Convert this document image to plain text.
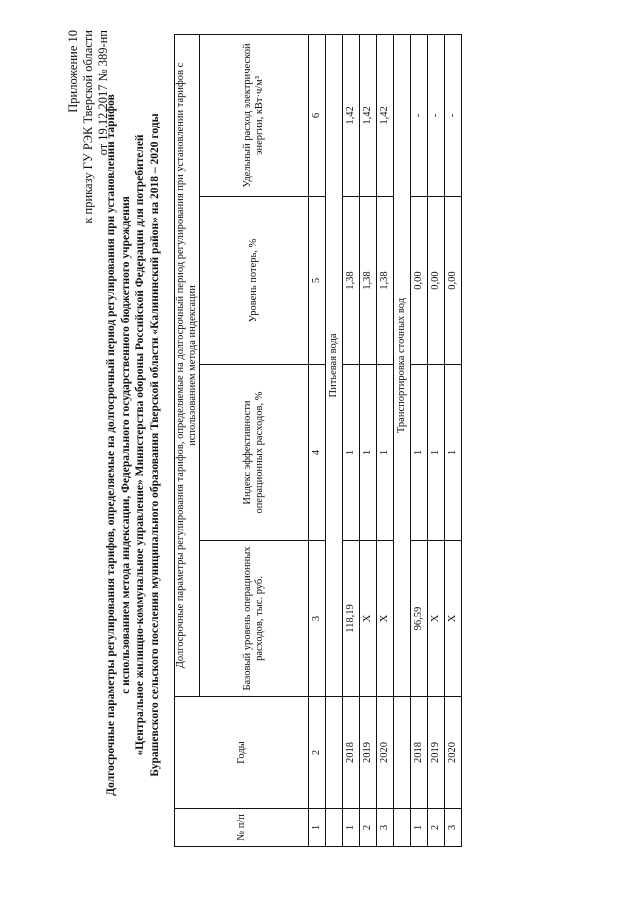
Приложение 10 к приказу ГУ РЭК Тверской области от 19.12.2017 № 389-нп
Долгосрочные параметры регулирования тарифов, определяемые на долгосрочный период регулирования при установлении тарифов с использованием метода индексации, Федерального государственного бюджетного учреждения «Центральное жилищно-коммунальное управление» Министерства обороны Российской Федерации для потребителей Бурашевского сельского поселения муниципального образования Тверской области «Калининский район» на 2018 – 2020 годы
№ п/п	Годы	Долгосрочные параметры регулирования тарифов, определяемые на долгосрочный период регулирования при установлении тарифов с использованием метода индексации			
		Базовый уровень операционных расходов, тыс. руб.	Индекс эффективности операционных расходов, %	Уровень потерь, %	Удельный расход электрической энергии, кВт·ч/м³
1	2	3	4	5	6
		Питьевая вода			
1	2018	118,19	1	1,38	1,42
2	2019	X	1	1,38	1,42
3	2020	X	1	1,38	1,42
		Транспортировка сточных вод			
1	2018	96,59	1	0,00	-
2	2019	X	1	0,00	-
3	2020	X	1	0,00	-
